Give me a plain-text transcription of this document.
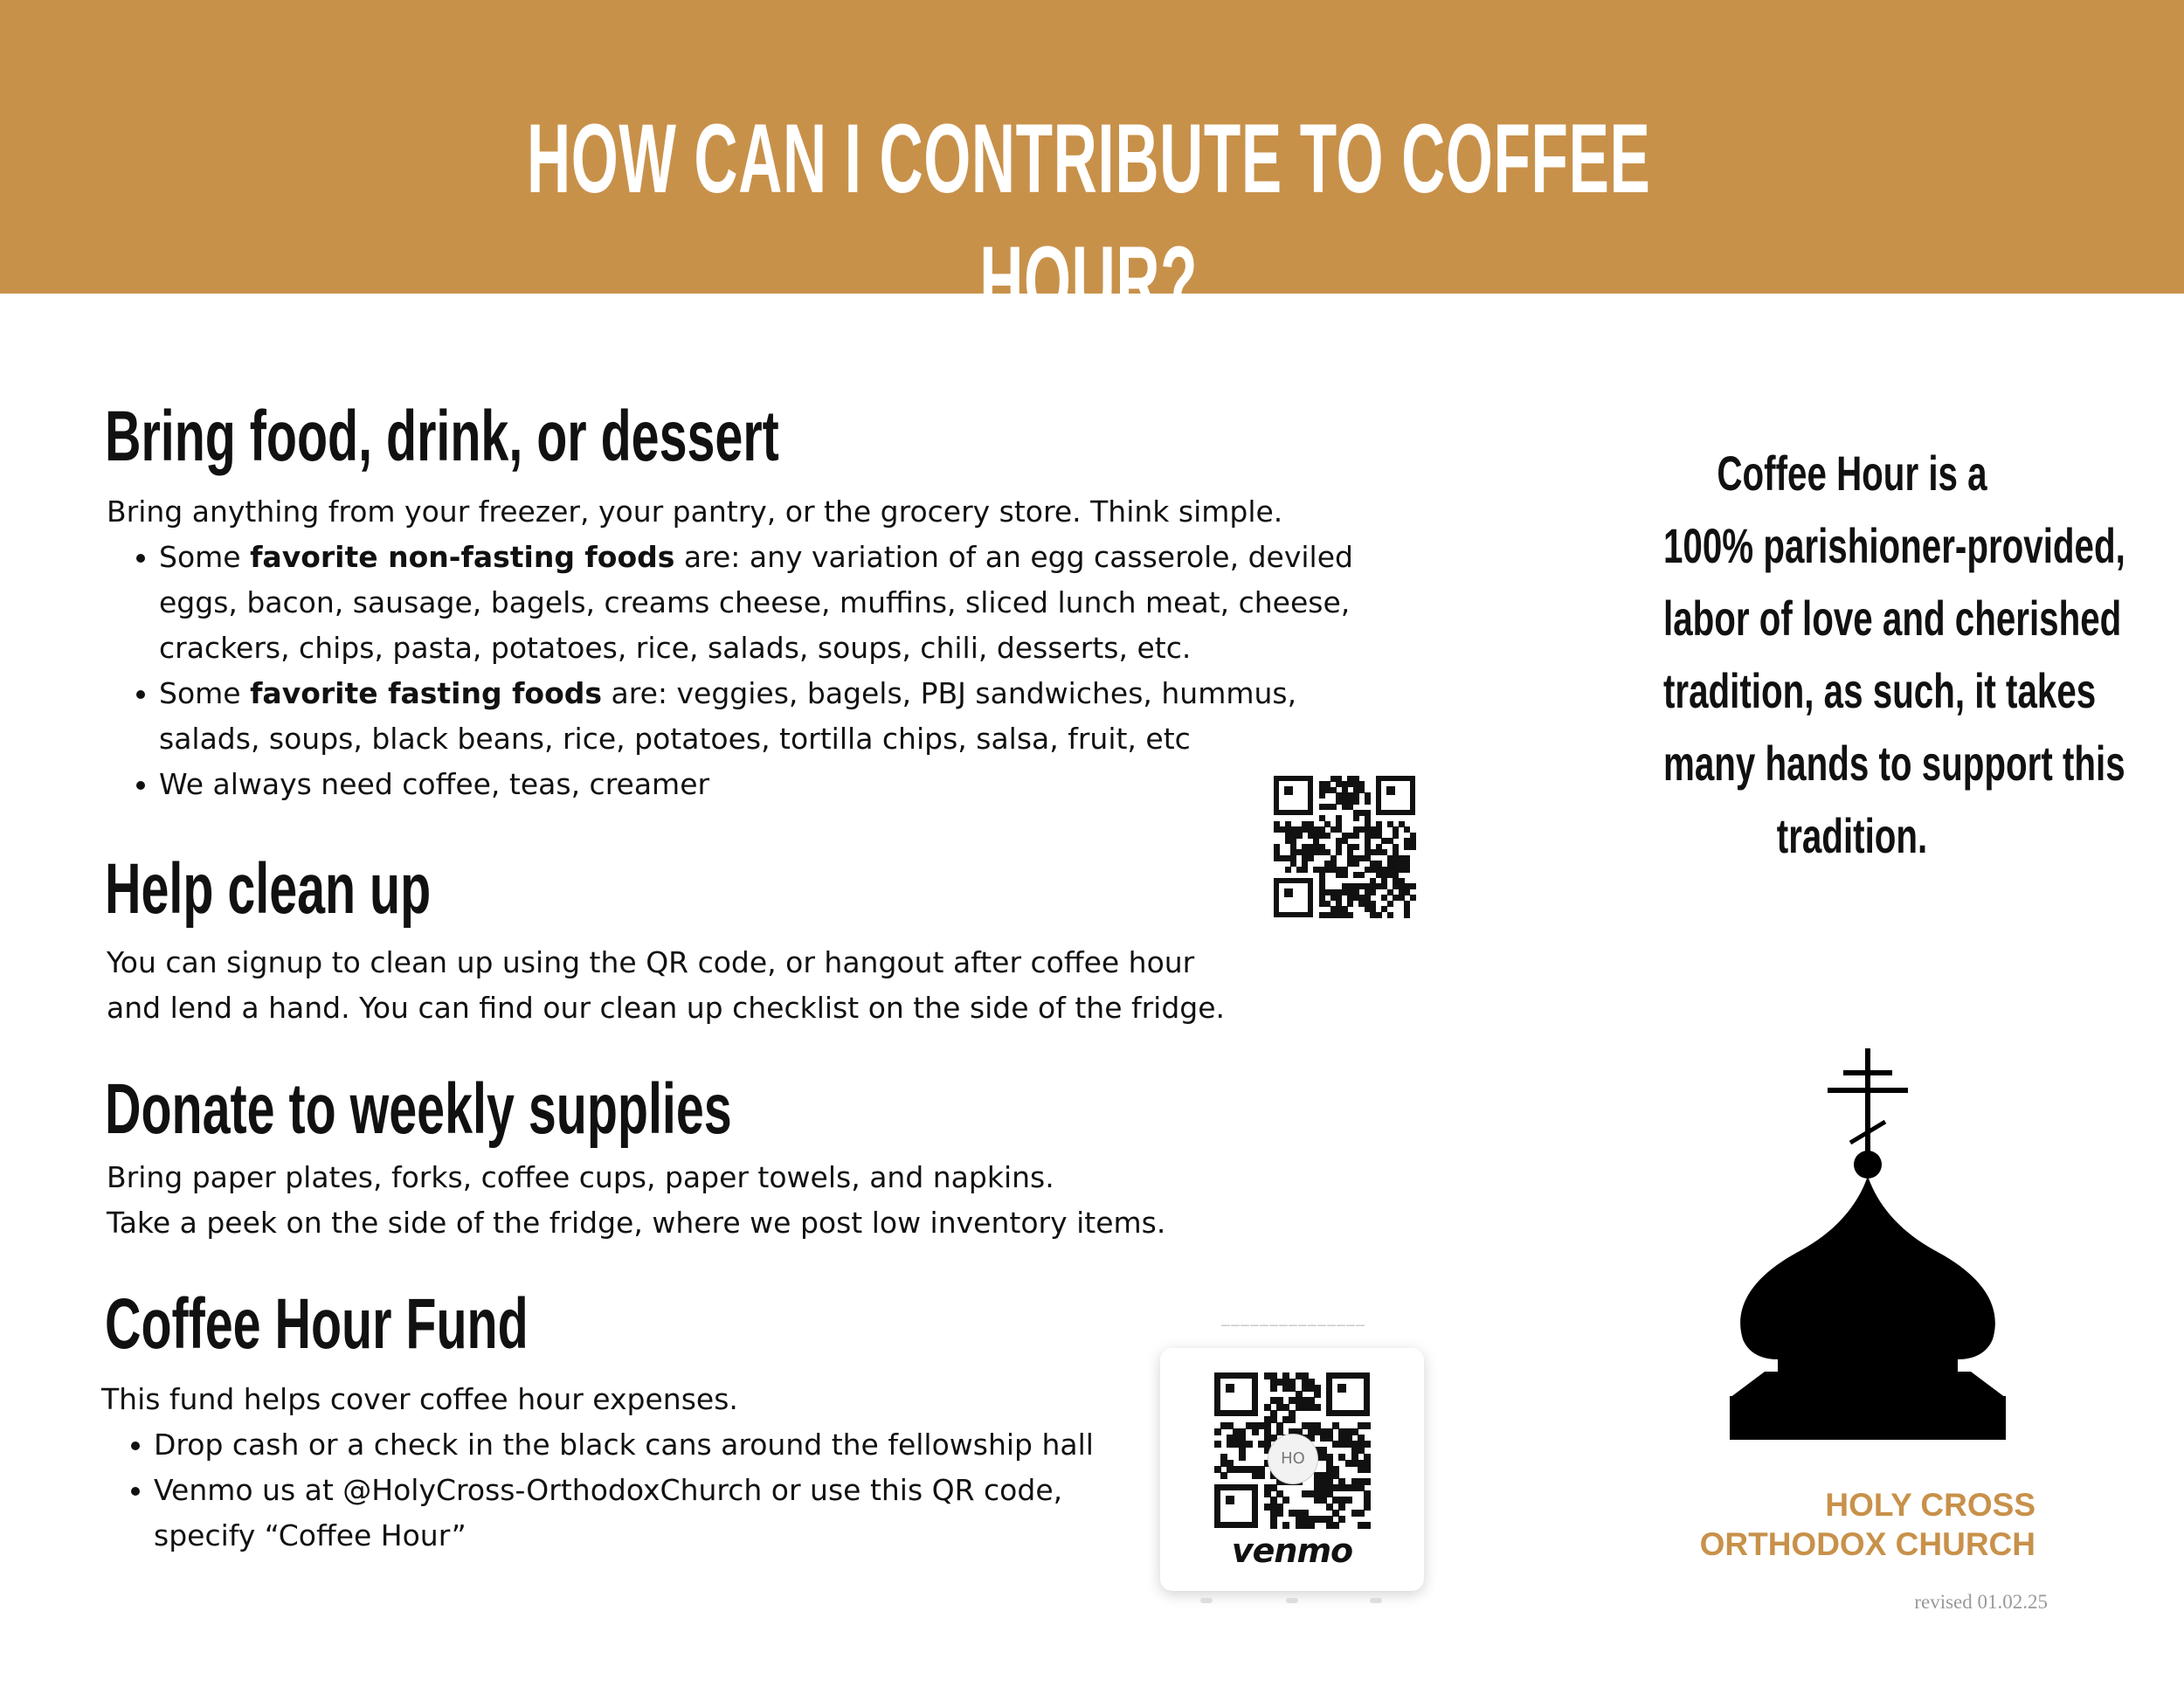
HOW CAN I CONTRIBUTE TO COFFEE HOUR?
Bring food, drink, or dessert
Bring anything from your freezer, your pantry, or the grocery store. Think simple.
Some favorite non-fasting foods are: any variation of an egg casserole, deviled
eggs, bacon, sausage, bagels, creams cheese, muffins, sliced lunch meat, cheese,
crackers, chips, pasta, potatoes, rice, salads, soups, chili, desserts, etc.
Some favorite fasting foods are: veggies, bagels, PBJ sandwiches, hummus,
salads, soups, black beans, rice, potatoes, tortilla chips, salsa, fruit, etc
We always need coffee, teas, creamer
Help clean up
You can signup to clean up using the QR code, or hangout after coffee hour
and lend a hand. You can find our clean up checklist on the side of the fridge.
Donate to weekly supplies
Bring paper plates, forks, coffee cups, paper towels, and napkins.
Take a peek on the side of the fridge, where we post low inventory items.
Coffee Hour Fund
This fund helps cover coffee hour expenses.
Drop cash or a check in the black cans around the fellowship hall
Venmo us at @HolyCross-OrthodoxChurch or use this QR code,
specify “Coffee Hour”
———————————————
HO
venmo
Coffee Hour is a
100% parishioner-provided,
labor of love and cherished
tradition, as such, it takes
many hands to support this
tradition.
HOLY CROSS
ORTHODOX CHURCH
revised 01.02.25
